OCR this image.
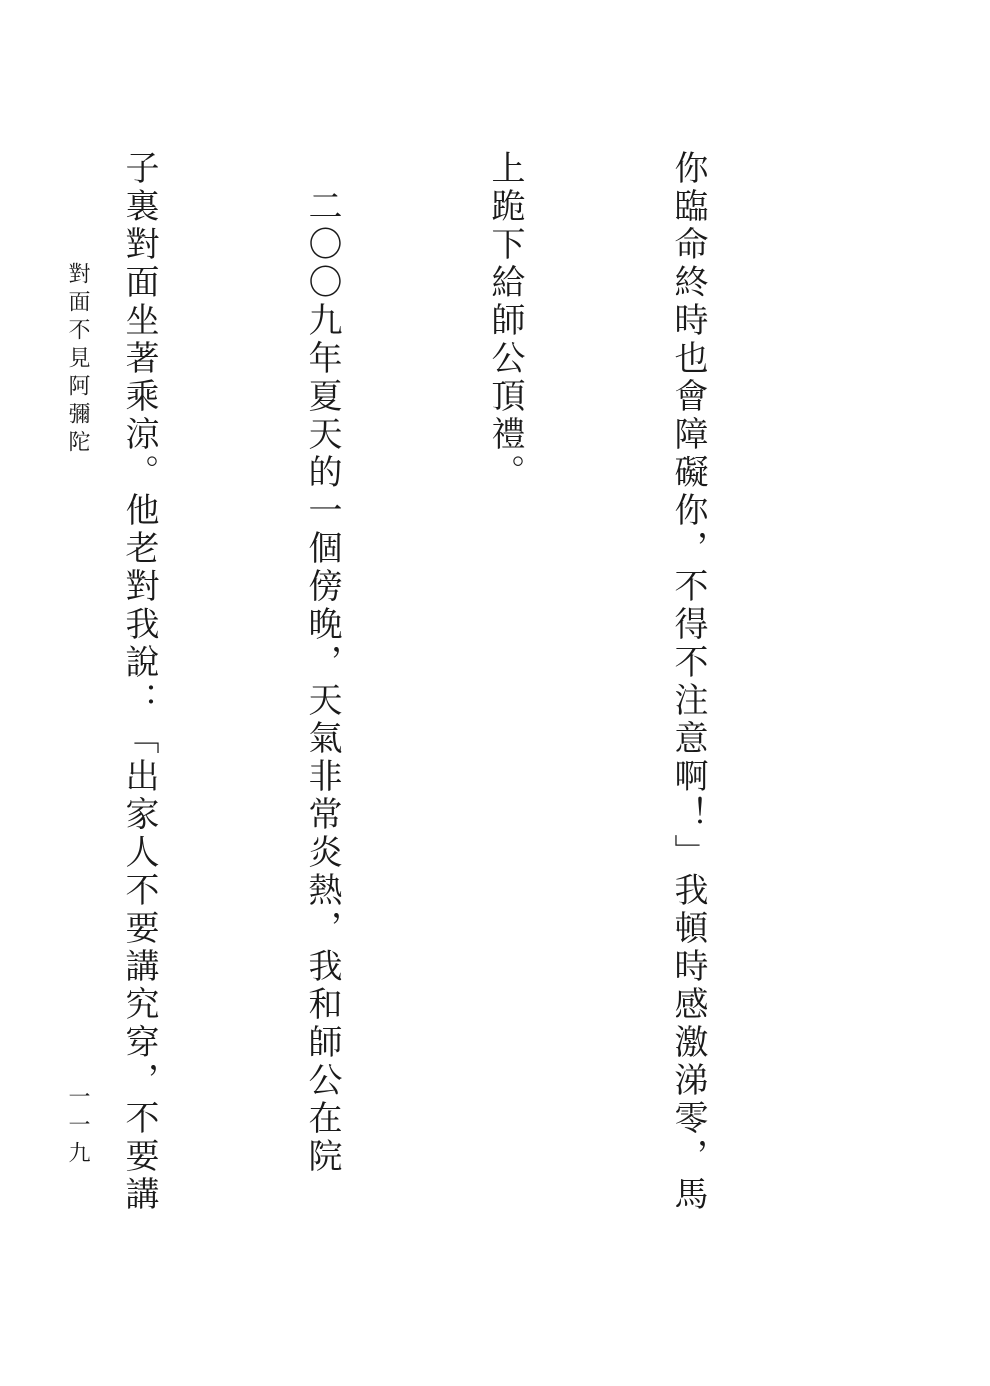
你臨命終時也會障礙你，不得不注意啊！」我頓時感激涕零，馬

上跪下給師公頂禮。

　二〇〇九年夏天的一個傍晚，天氣非常炎熱，我和師公在院

子裏對面坐著乘涼。他老對我說：「出家人不要講究穿，不要講

對面不見阿彌陀
一一九
